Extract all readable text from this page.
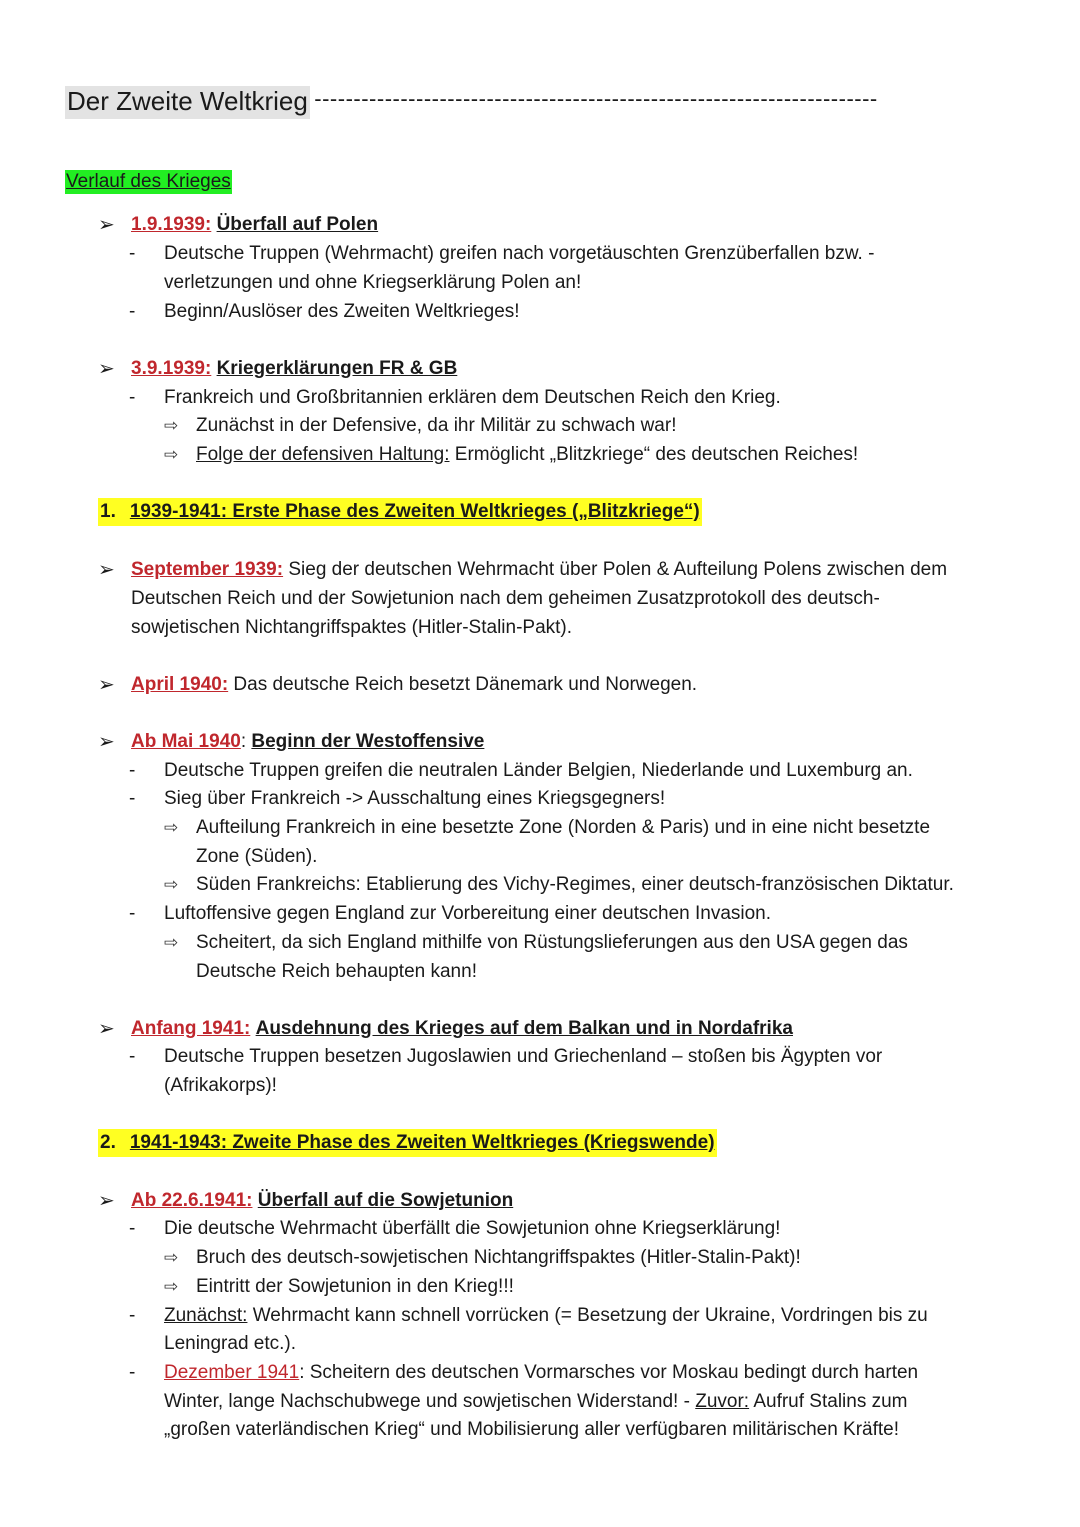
Der Zweite Weltkrieg ------------------------------------------------------------------------
Verlauf des Krieges
➢ 1.9.1939: Überfall auf Polen
- Deutsche Truppen (Wehrmacht) greifen nach vorgetäuschten Grenzüberfallen bzw. -
verletzungen und ohne Kriegserklärung Polen an!
- Beginn/Auslöser des Zweiten Weltkrieges!
➢ 3.9.1939: Kriegerklärungen FR & GB
- Frankreich und Großbritannien erklären dem Deutschen Reich den Krieg.
⇨ Zunächst in der Defensive, da ihr Militär zu schwach war!
⇨ Folge der defensiven Haltung: Ermöglicht „Blitzkriege“ des deutschen Reiches!
1. 1939-1941: Erste Phase des Zweiten Weltkrieges („Blitzkriege“)
➢ September 1939: Sieg der deutschen Wehrmacht über Polen & Aufteilung Polens zwischen dem
Deutschen Reich und der Sowjetunion nach dem geheimen Zusatzprotokoll des deutsch-
sowjetischen Nichtangriffspaktes (Hitler-Stalin-Pakt).
➢ April 1940: Das deutsche Reich besetzt Dänemark und Norwegen.
➢ Ab Mai 1940: Beginn der Westoffensive
- Deutsche Truppen greifen die neutralen Länder Belgien, Niederlande und Luxemburg an.
- Sieg über Frankreich -> Ausschaltung eines Kriegsgegners!
⇨ Aufteilung Frankreich in eine besetzte Zone (Norden & Paris) und in eine nicht besetzte
Zone (Süden).
⇨ Süden Frankreichs: Etablierung des Vichy-Regimes, einer deutsch-französischen Diktatur.
- Luftoffensive gegen England zur Vorbereitung einer deutschen Invasion.
⇨ Scheitert, da sich England mithilfe von Rüstungslieferungen aus den USA gegen das
Deutsche Reich behaupten kann!
➢ Anfang 1941: Ausdehnung des Krieges auf dem Balkan und in Nordafrika
- Deutsche Truppen besetzen Jugoslawien und Griechenland – stoßen bis Ägypten vor
(Afrikakorps)!
2. 1941-1943: Zweite Phase des Zweiten Weltkrieges (Kriegswende)
➢ Ab 22.6.1941: Überfall auf die Sowjetunion
- Die deutsche Wehrmacht überfällt die Sowjetunion ohne Kriegserklärung!
⇨ Bruch des deutsch-sowjetischen Nichtangriffspaktes (Hitler-Stalin-Pakt)!
⇨ Eintritt der Sowjetunion in den Krieg!!!
- Zunächst: Wehrmacht kann schnell vorrücken (= Besetzung der Ukraine, Vordringen bis zu
Leningrad etc.).
- Dezember 1941: Scheitern des deutschen Vormarsches vor Moskau bedingt durch harten
Winter, lange Nachschubwege und sowjetischen Widerstand! - Zuvor: Aufruf Stalins zum
„großen vaterländischen Krieg“ und Mobilisierung aller verfügbaren militärischen Kräfte!
